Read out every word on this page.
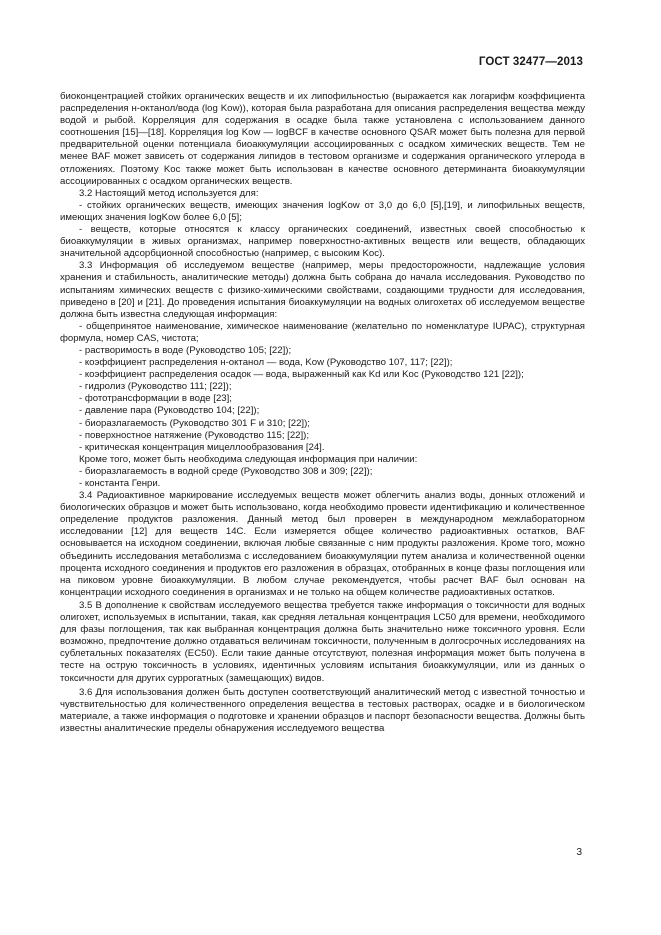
ГОСТ 32477—2013

биоконцентрацией стойких органических веществ и их липофильностью (выражается как логарифм коэффициента распределения н-октанол/вода (log Kow)), которая была разработана для описания распределения вещества между водой и рыбой. Корреляция для содержания в осадке была также установлена с использованием данного соотношения [15]—[18]. Корреляция log Kow — logBCF в качестве основного QSAR может быть полезна для первой предварительной оценки потенциала биоаккумуляции ассоциированных с осадком химических веществ. Тем не менее BAF может зависеть от содержания липидов в тестовом организме и содержания органического углерода в отложениях. Поэтому Koc также может быть использован в качестве основного детерминанта биоаккумуляции ассоциированных с осадком органических веществ.

3.2 Настоящий метод используется для:

- стойких органических веществ, имеющих значения logKow от 3,0 до 6,0 [5],[19], и липофильных веществ, имеющих значения logKow более 6,0 [5];

- веществ, которые относятся к классу органических соединений, известных своей способностью к биоаккумуляции в живых организмах, например поверхностно-активных веществ или веществ, обладающих значительной адсорбционной способностью (например, с высоким Koc).

3.3 Информация об исследуемом веществе (например, меры предосторожности, надлежащие условия хранения и стабильность, аналитические методы) должна быть собрана до начала исследования. Руководство по испытаниям химических веществ с физико-химическими свойствами, создающими трудности для исследования, приведено в [20] и [21]. До проведения испытания биоаккумуляции на водных олигохетах об исследуемом веществе должна быть известна следующая информация:

- общепринятое наименование, химическое наименование (желательно по номенклатуре IUPAC), структурная формула, номер CAS, чистота;

- растворимость в воде (Руководство 105; [22]);

- коэффициент распределения н-октанол — вода, Kow (Руководство 107, 117; [22]);

- коэффициент распределения осадок — вода, выраженный как Kd или Koc (Руководство 121 [22]);

- гидролиз (Руководство 111; [22]);

- фототрансформации в воде [23];

- давление пара (Руководство 104; [22]);

- биоразлагаемость (Руководство 301 F и 310; [22]);

- поверхностное натяжение (Руководство 115; [22]);

- критическая концентрация мицеллообразования [24].

Кроме того, может быть необходима следующая информация при наличии:

- биоразлагаемость в водной среде (Руководство 308 и 309; [22]);

- константа Генри.

3.4 Радиоактивное маркирование исследуемых веществ может облегчить анализ воды, донных отложений и биологических образцов и может быть использовано, когда необходимо провести идентификацию и количественное определение продуктов разложения. Данный метод был проверен в международном межлабораторном исследовании [12] для веществ 14C. Если измеряется общее количество радиоактивных остатков, BAF основывается на исходном соединении, включая любые связанные с ним продукты разложения. Кроме того, можно объединить исследования метаболизма с исследованием биоаккумуляции путем анализа и количественной оценки процента исходного соединения и продуктов его разложения в образцах, отобранных в конце фазы поглощения или на пиковом уровне биоаккумуляции. В любом случае рекомендуется, чтобы расчет BAF был основан на концентрации исходного соединения в организмах и не только на общем количестве радиоактивных остатков.

3.5 В дополнение к свойствам исследуемого вещества требуется также информация о токсичности для водных олигохет, используемых в испытании, такая, как средняя летальная концентрация LC50 для времени, необходимого для фазы поглощения, так как выбранная концентрация должна быть значительно ниже токсичного уровня. Если возможно, предпочтение должно отдаваться величинам токсичности, полученным в долгосрочных исследованиях на сублетальных показателях (EC50). Если такие данные отсутствуют, полезная информация может быть получена в тесте на острую токсичность в условиях, идентичных условиям испытания биоаккумуляции, или из данных о токсичности для других суррогатных (замещающих) видов.

3.6 Для использования должен быть доступен соответствующий аналитический метод с известной точностью и чувствительностью для количественного определения вещества в тестовых растворах, осадке и в биологическом материале, а также информация о подготовке и хранении образцов и паспорт безопасности вещества. Должны быть известны аналитические пределы обнаружения исследуемого вещества

3
